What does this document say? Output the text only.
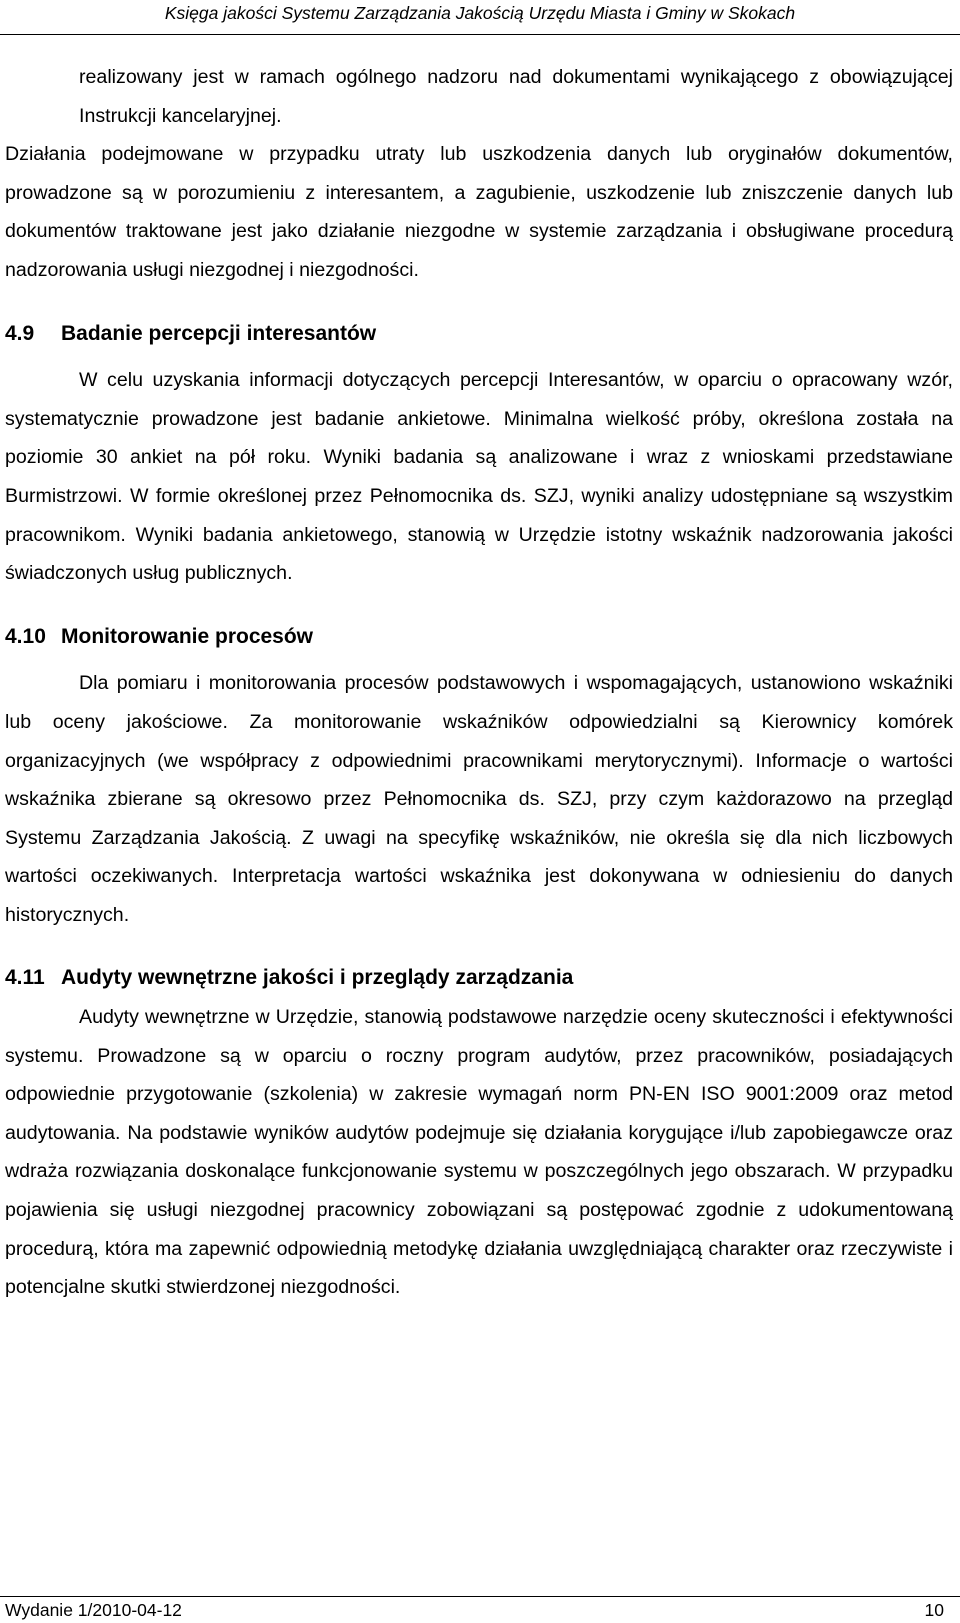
Księga jakości Systemu Zarządzania Jakością Urzędu Miasta i Gminy w Skokach

realizowany jest w ramach ogólnego nadzoru nad dokumentami wynikającego z obowiązującej Instrukcji kancelaryjnej.

Działania podejmowane w przypadku utraty lub uszkodzenia danych lub oryginałów dokumentów, prowadzone są w porozumieniu z interesantem, a zagubienie, uszkodzenie lub zniszczenie danych lub dokumentów traktowane jest jako działanie niezgodne w systemie zarządzania i obsługiwane procedurą nadzorowania usługi niezgodnej i niezgodności.

4.9 Badanie percepcji interesantów

W celu uzyskania informacji dotyczących percepcji Interesantów, w oparciu o opracowany wzór, systematycznie prowadzone jest badanie ankietowe. Minimalna wielkość próby, określona została na poziomie 30 ankiet na pół roku. Wyniki badania są analizowane i wraz z wnioskami przedstawiane Burmistrzowi. W formie określonej przez Pełnomocnika ds. SZJ, wyniki analizy udostępniane są wszystkim pracownikom. Wyniki badania ankietowego, stanowią w Urzędzie istotny wskaźnik nadzorowania jakości świadczonych usług publicznych.

4.10 Monitorowanie procesów

Dla pomiaru i monitorowania procesów podstawowych i wspomagających, ustanowiono wskaźniki lub oceny jakościowe. Za monitorowanie wskaźników odpowiedzialni są Kierownicy komórek organizacyjnych (we współpracy z odpowiednimi pracownikami merytorycznymi). Informacje o wartości wskaźnika zbierane są okresowo przez Pełnomocnika ds. SZJ, przy czym każdorazowo na przegląd Systemu Zarządzania Jakością. Z uwagi na specyfikę wskaźników, nie określa się dla nich liczbowych wartości oczekiwanych. Interpretacja wartości wskaźnika jest dokonywana w odniesieniu do danych historycznych.

4.11 Audyty wewnętrzne jakości i przeglądy zarządzania

Audyty wewnętrzne w Urzędzie, stanowią podstawowe narzędzie oceny skuteczności i efektywności systemu. Prowadzone są w oparciu o roczny program audytów, przez pracowników, posiadających odpowiednie przygotowanie (szkolenia) w zakresie wymagań norm PN-EN ISO 9001:2009 oraz metod audytowania. Na podstawie wyników audytów podejmuje się działania korygujące i/lub zapobiegawcze oraz wdraża rozwiązania doskonalące funkcjonowanie systemu w poszczególnych jego obszarach. W przypadku pojawienia się usługi niezgodnej pracownicy zobowiązani są postępować zgodnie z udokumentowaną procedurą, która ma zapewnić odpowiednią metodykę działania uwzględniającą charakter oraz rzeczywiste i potencjalne skutki stwierdzonej niezgodności.

Wydanie 1/2010-04-12	10
